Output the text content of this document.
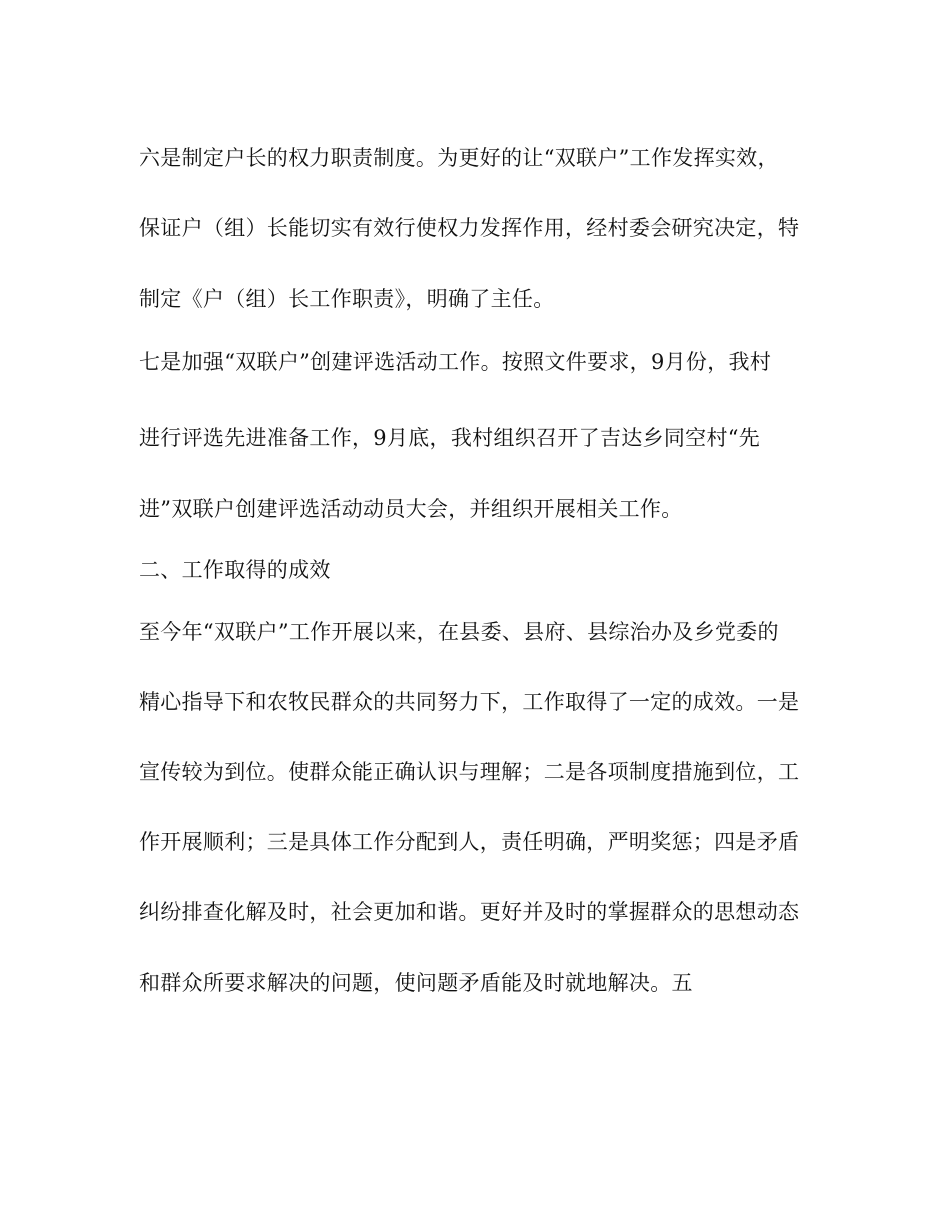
六是制定户长的权力职责制度。为更好的让“双联户”工作发挥实效，

保证户（组）长能切实有效行使权力发挥作用，经村委会研究决定，特

制定《户（组）长工作职责》，明确了主任。

七是加强“双联户”创建评选活动工作。按照文件要求，9月份，我村

进行评选先进准备工作，9月底，我村组织召开了吉达乡同空村“先

进”双联户创建评选活动动员大会，并组织开展相关工作。

二、工作取得的成效

至今年“双联户”工作开展以来，在县委、县府、县综治办及乡党委的

精心指导下和农牧民群众的共同努力下，工作取得了一定的成效。一是

宣传较为到位。使群众能正确认识与理解；二是各项制度措施到位，工

作开展顺利；三是具体工作分配到人，责任明确，严明奖惩；四是矛盾

纠纷排查化解及时，社会更加和谐。更好并及时的掌握群众的思想动态

和群众所要求解决的问题，使问题矛盾能及时就地解决。五
